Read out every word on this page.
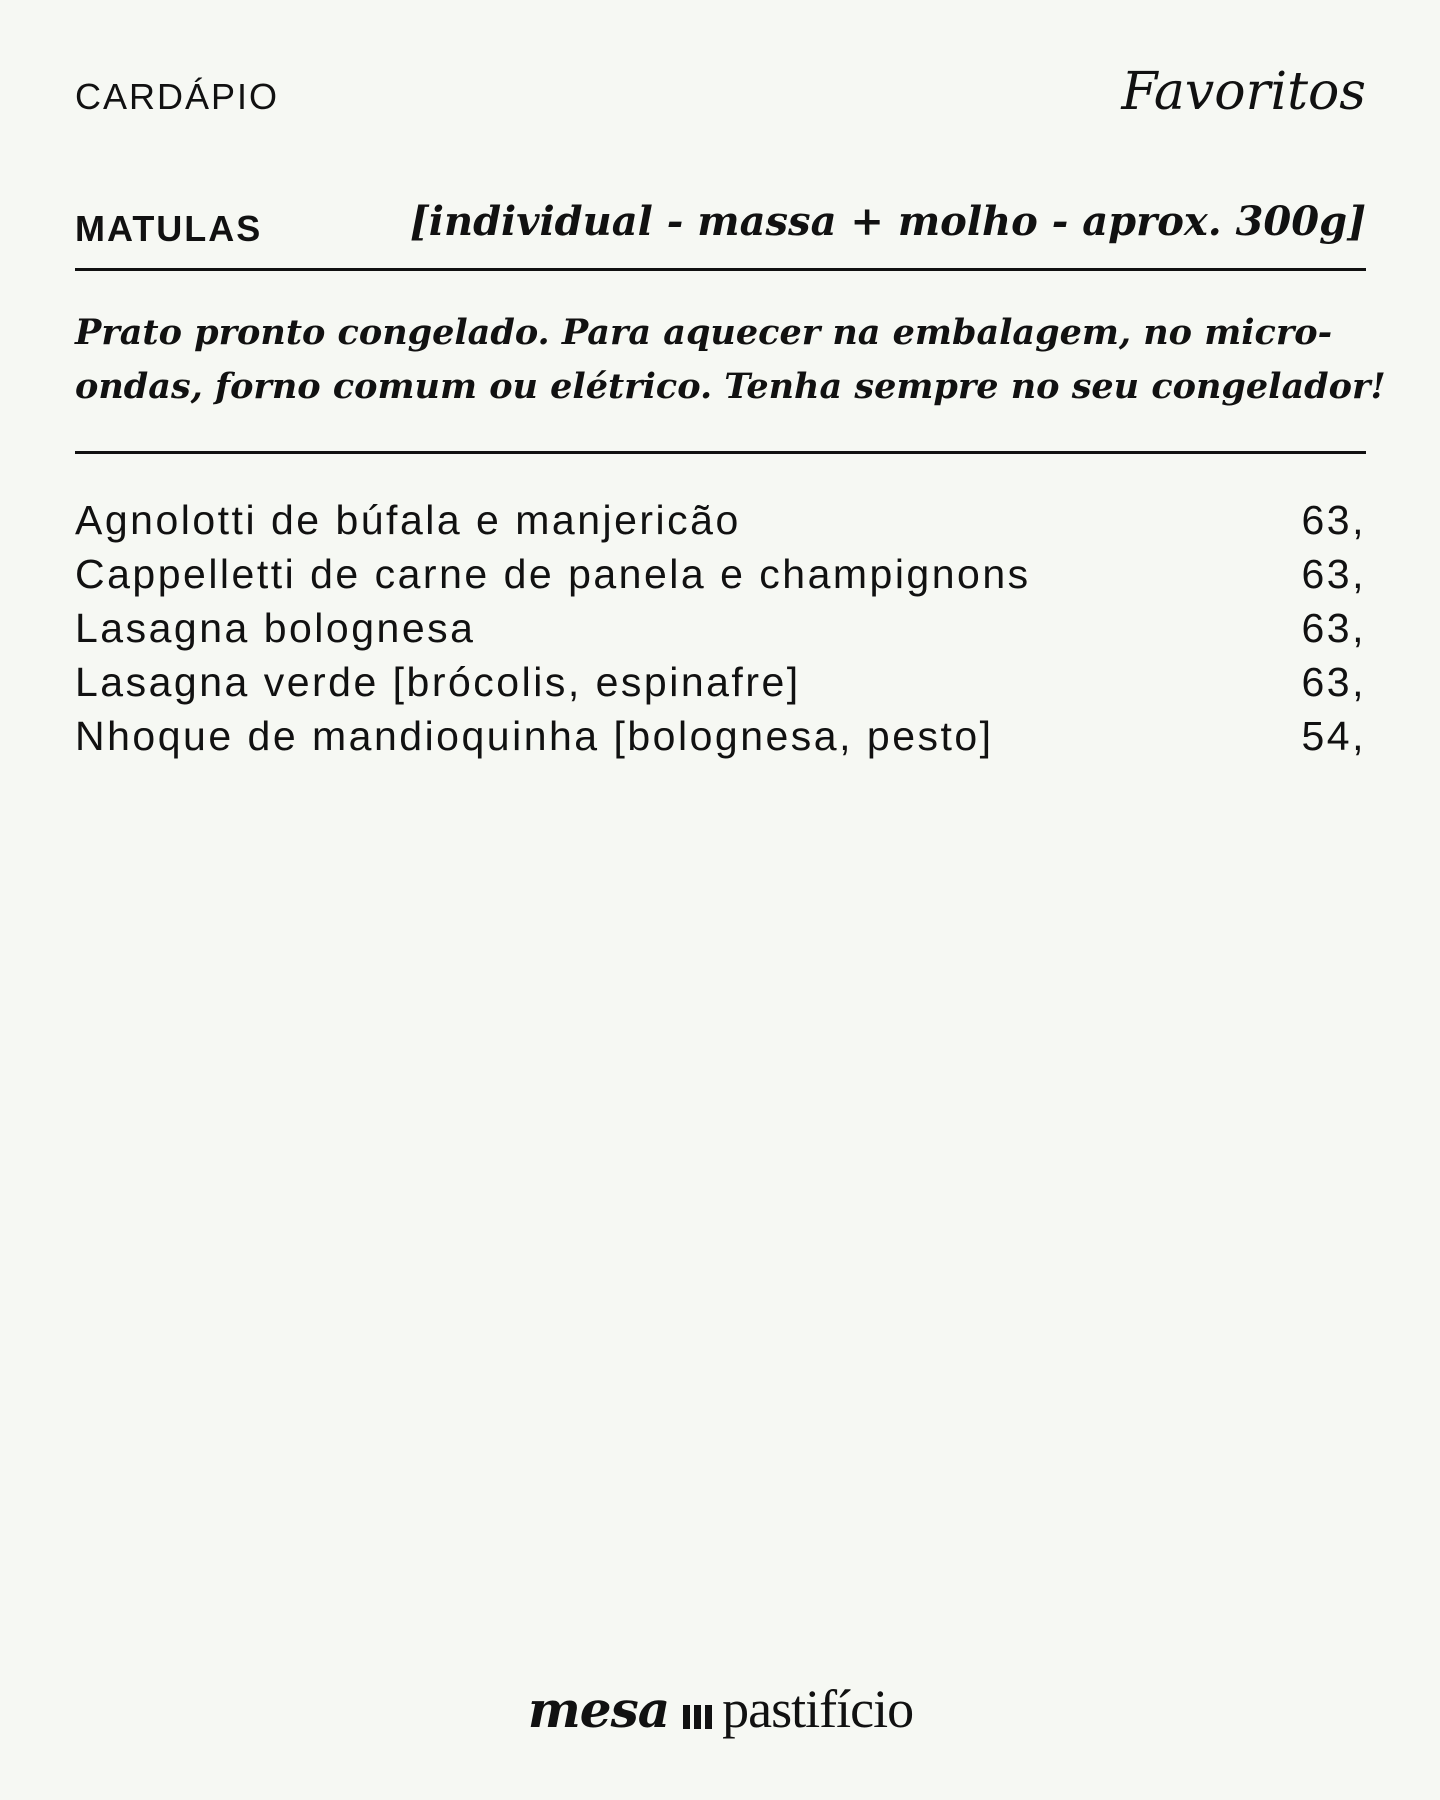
CARDÁPIO	Favoritos
MATULAS	[individual - massa + molho - aprox. 300g]
Prato pronto congelado. Para aquecer na embalagem, no micro-
ondas, forno comum ou elétrico. Tenha sempre no seu congelador!
Agnolotti de búfala e manjericão	63,
Cappelletti de carne de panela e champignons	63,
Lasagna bolognesa	63,
Lasagna verde [brócolis, espinafre]	63,
Nhoque de mandioquinha [bolognesa, pesto]	54,
mesa pastifício
